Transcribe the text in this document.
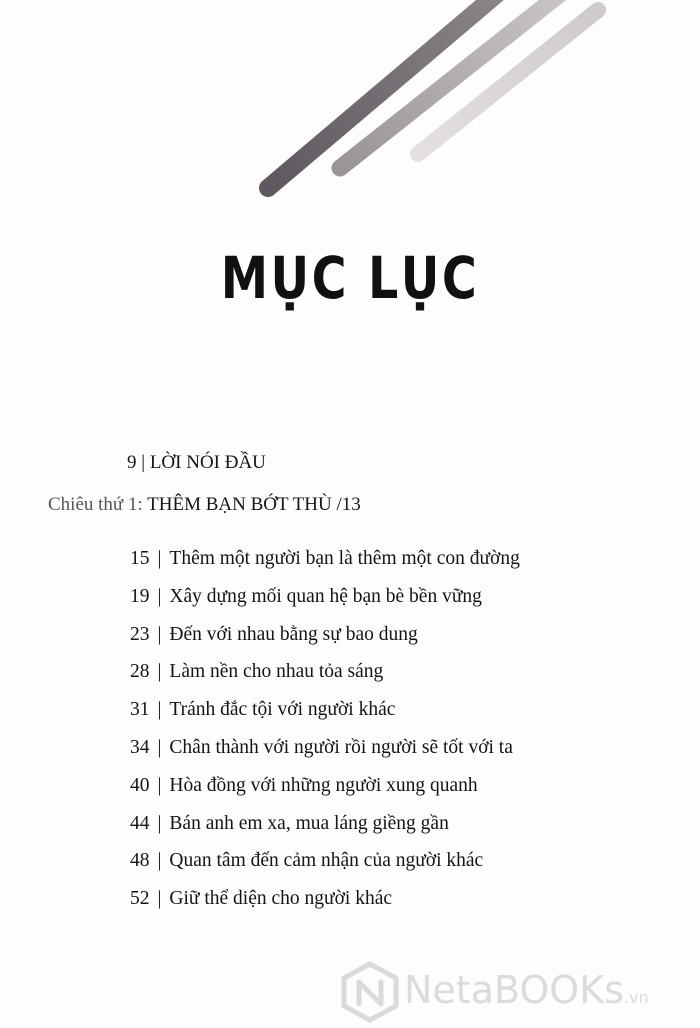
MỤC LỤC
9 | LỜI NÓI ĐẦU
Chiêu thứ 1: THÊM BẠN BỚT THÙ /13
15 | Thêm một người bạn là thêm một con đường
19 | Xây dựng mối quan hệ bạn bè bền vững
23 | Đến với nhau bằng sự bao dung
28 | Làm nền cho nhau tỏa sáng
31 | Tránh đắc tội với người khác
34 | Chân thành với người rồi người sẽ tốt với ta
40 | Hòa đồng với những người xung quanh
44 | Bán anh em xa, mua láng giềng gần
48 | Quan tâm đến cảm nhận của người khác
52 | Giữ thể diện cho người khác
NetaBOOKs.vn
